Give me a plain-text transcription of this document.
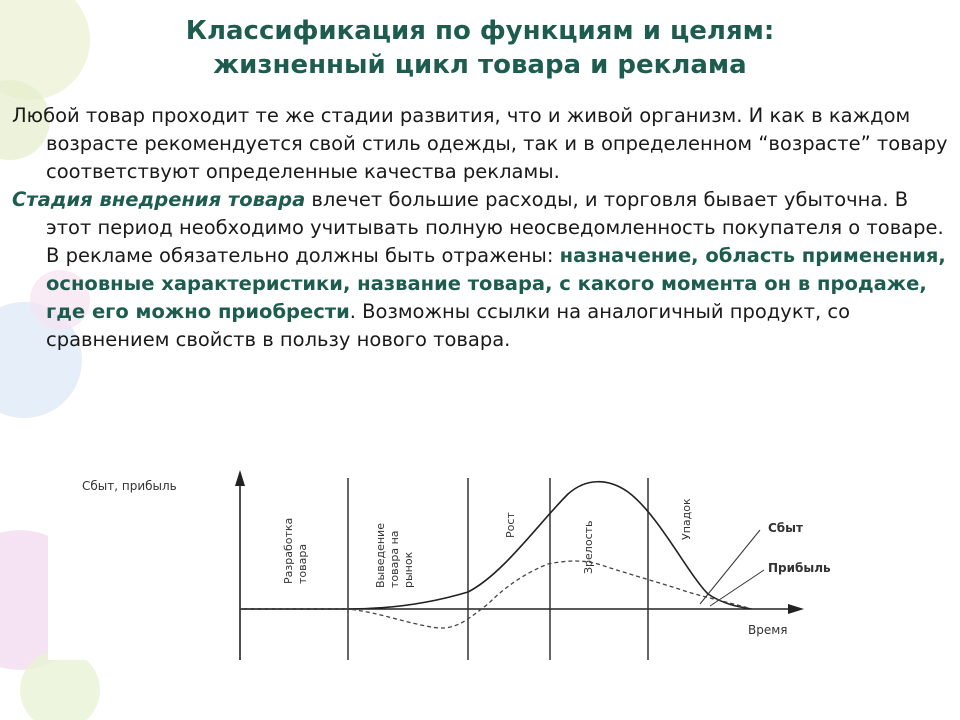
Классификация по функциям и целям:
жизненный цикл товара и реклама

Любой товар проходит те же стадии развития, что и живой организм. И как в каждом возрасте рекомендуется свой стиль одежды, так и в определенном “возрасте” товару соответствуют определенные качества рекламы.

Стадия внедрения товара влечет большие расходы, и торговля бывает убыточна. В этот период необходимо учитывать полную неосведомленность покупателя о товаре. В рекламе обязательно должны быть отражены: назначение, область применения, основные характеристики, название товара, с какого момента он в продаже, где его можно приобрести. Возможны ссылки на аналогичный продукт, со сравнением свойств в пользу нового товара.

Сбыт, прибыль
Время
Разработка товара	Выведение товара на рынок
Рост	Зрелость
Упадок	Сбыт
Прибыль
